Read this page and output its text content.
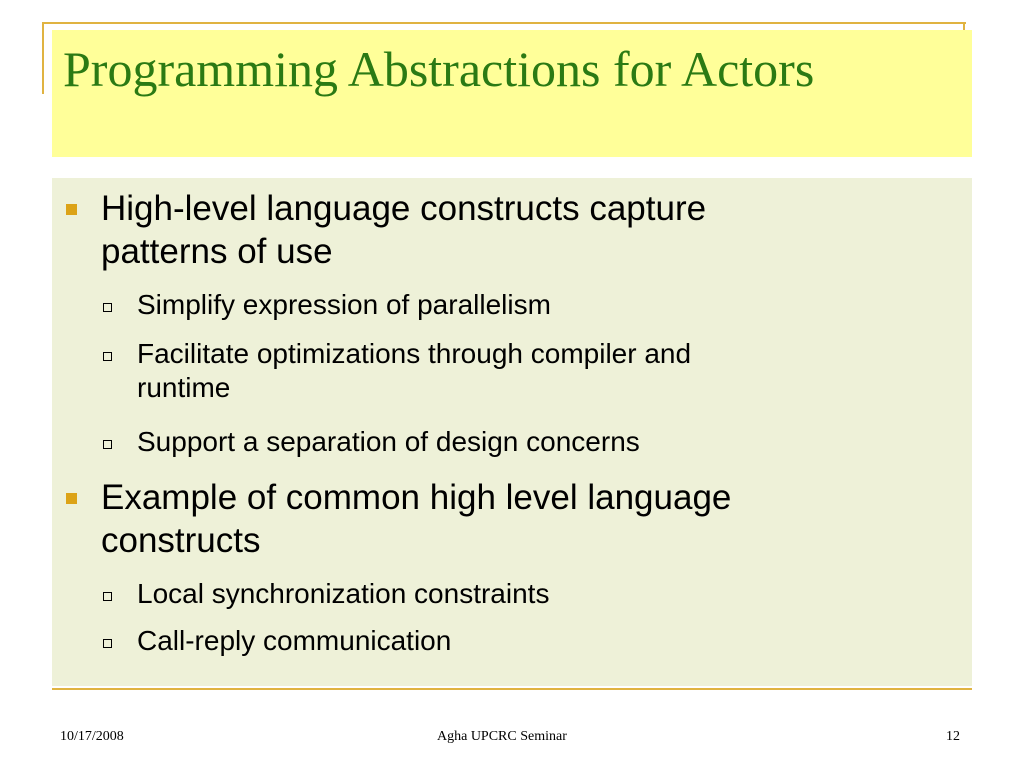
Programming Abstractions for Actors
High-level language constructs capture
patterns of use
Simplify expression of parallelism
Facilitate optimizations through compiler and
runtime
Support a separation of design concerns
Example of common high level language
constructs
Local synchronization constraints
Call-reply communication

10/17/2008	Agha UPCRC Seminar	12
